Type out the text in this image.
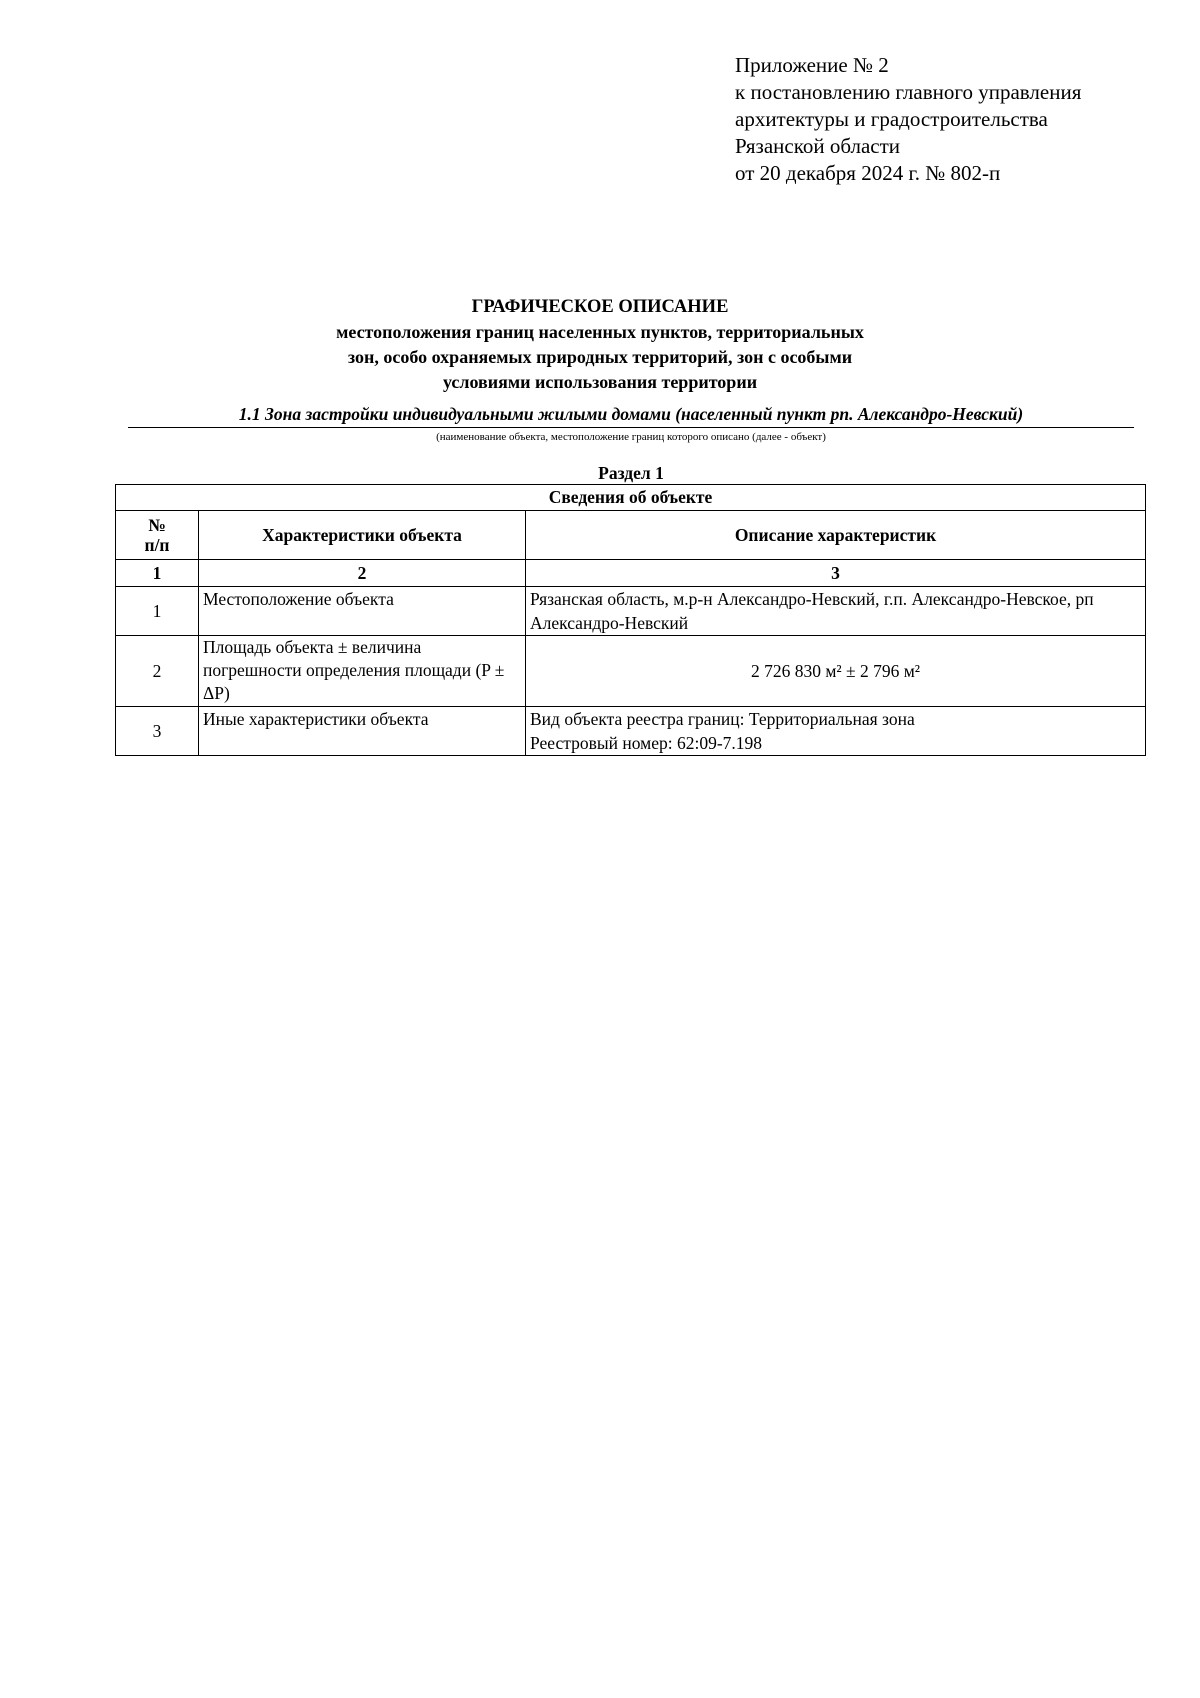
Приложение № 2
к постановлению главного управления
архитектуры и градостроительства
Рязанской области
от 20 декабря 2024 г. № 802-п
ГРАФИЧЕСКОЕ ОПИСАНИЕ
местоположения границ населенных пунктов, территориальных
зон, особо охраняемых природных территорий, зон с особыми
условиями использования территории
1.1 Зона застройки индивидуальными жилыми домами (населенный пункт рп. Александро-Невский)
(наименование объекта, местоположение границ которого описано (далее - объект)
Раздел 1
Сведения об объекте		

№
п/п	Характеристики объекта	Описание характеристик
1	2	3
1	Местоположение объекта	Рязанская область, м.р-н Александро-Невский, г.п. Александро-Невское, рп Александро-Невский
2	Площадь объекта ± величина погрешности определения площади (P ± ΔP)	2 726 830 м² ± 2 796 м²
3	Иные характеристики объекта	Вид объекта реестра границ: Территориальная зона
Реестровый номер: 62:09-7.198
